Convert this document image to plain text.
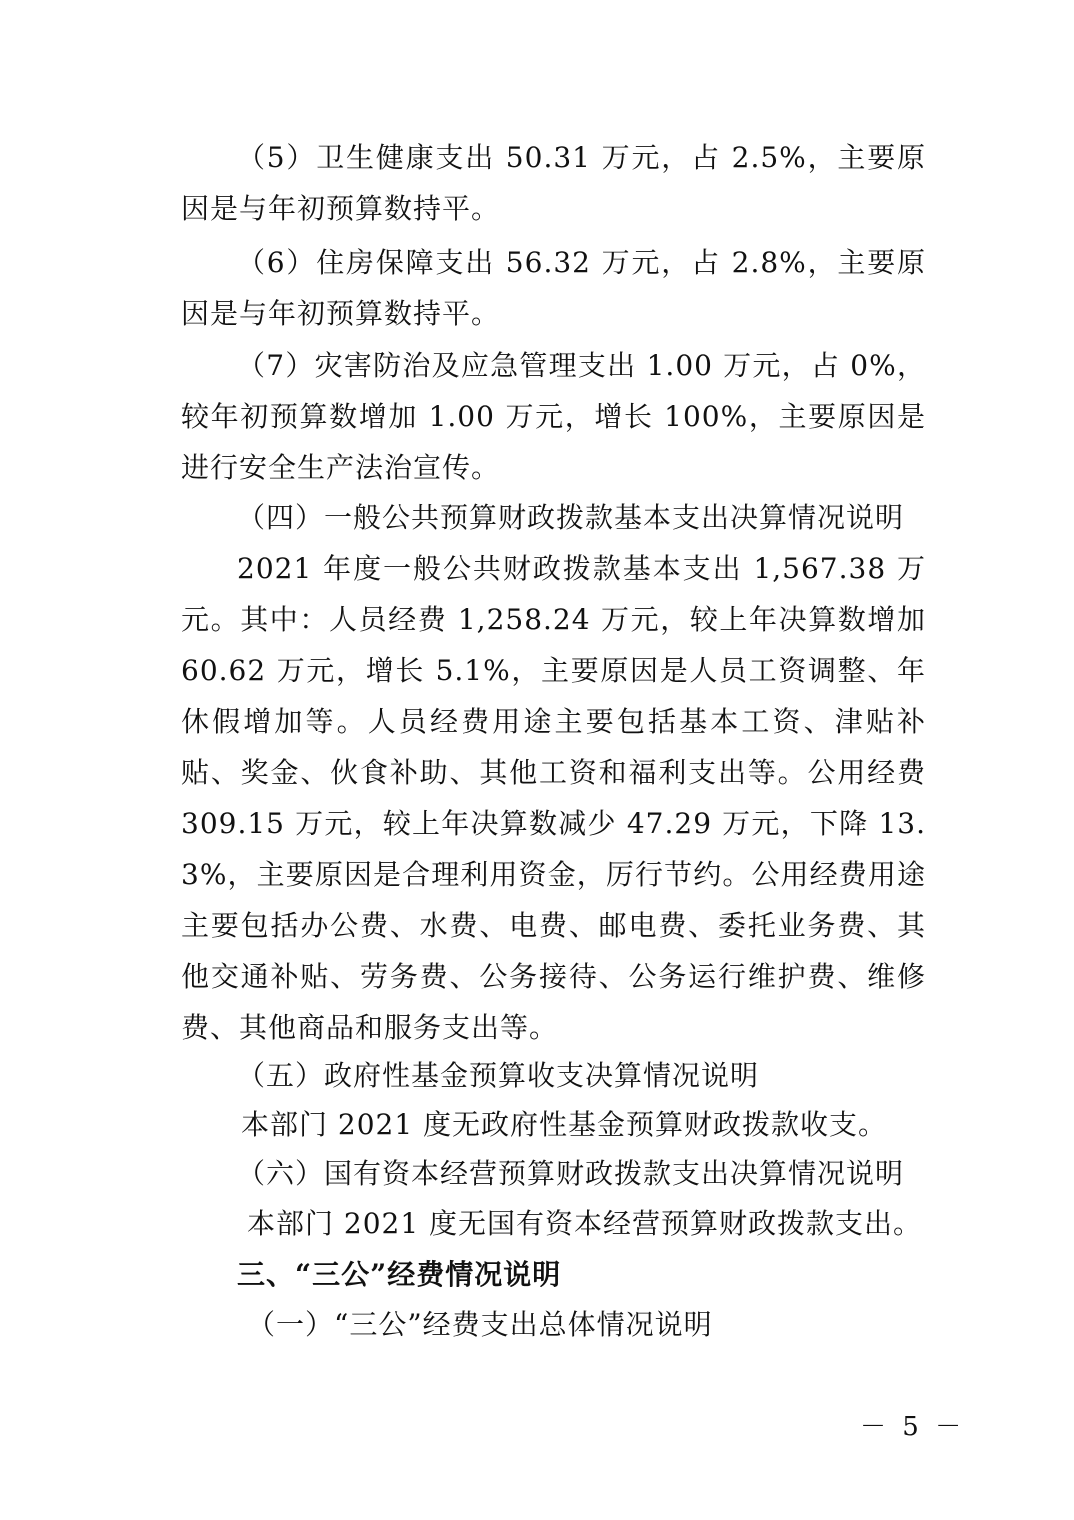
（5）卫生健康支出 50.31 万元，占 2.5%，主要原因是与年初预算数持平。

（6）住房保障支出 56.32 万元，占 2.8%，主要原因是与年初预算数持平。

（7）灾害防治及应急管理支出 1.00 万元，占 0%，较年初预算数增加 1.00 万元，增长 100%，主要原因是进行安全生产法治宣传。

（四）一般公共预算财政拨款基本支出决算情况说明

2021 年度一般公共财政拨款基本支出 1,567.38 万元。其中：人员经费 1,258.24 万元，较上年决算数增加 60.62 万元，增长 5.1%，主要原因是人员工资调整、年休假增加等。人员经费用途主要包括基本工资、津贴补贴、奖金、伙食补助、其他工资和福利支出等。公用经费 309.15 万元，较上年决算数减少 47.29 万元，下降 13.3%，主要原因是合理利用资金，厉行节约。公用经费用途主要包括办公费、水费、电费、邮电费、委托业务费、其他交通补贴、劳务费、公务接待、公务运行维护费、维修费、其他商品和服务支出等。

（五）政府性基金预算收支决算情况说明

本部门 2021 度无政府性基金预算财政拨款收支。

（六）国有资本经营预算财政拨款支出决算情况说明

本部门 2021 度无国有资本经营预算财政拨款支出。

三、“三公”经费情况说明

（一）“三公”经费支出总体情况说明

－ 5 －
